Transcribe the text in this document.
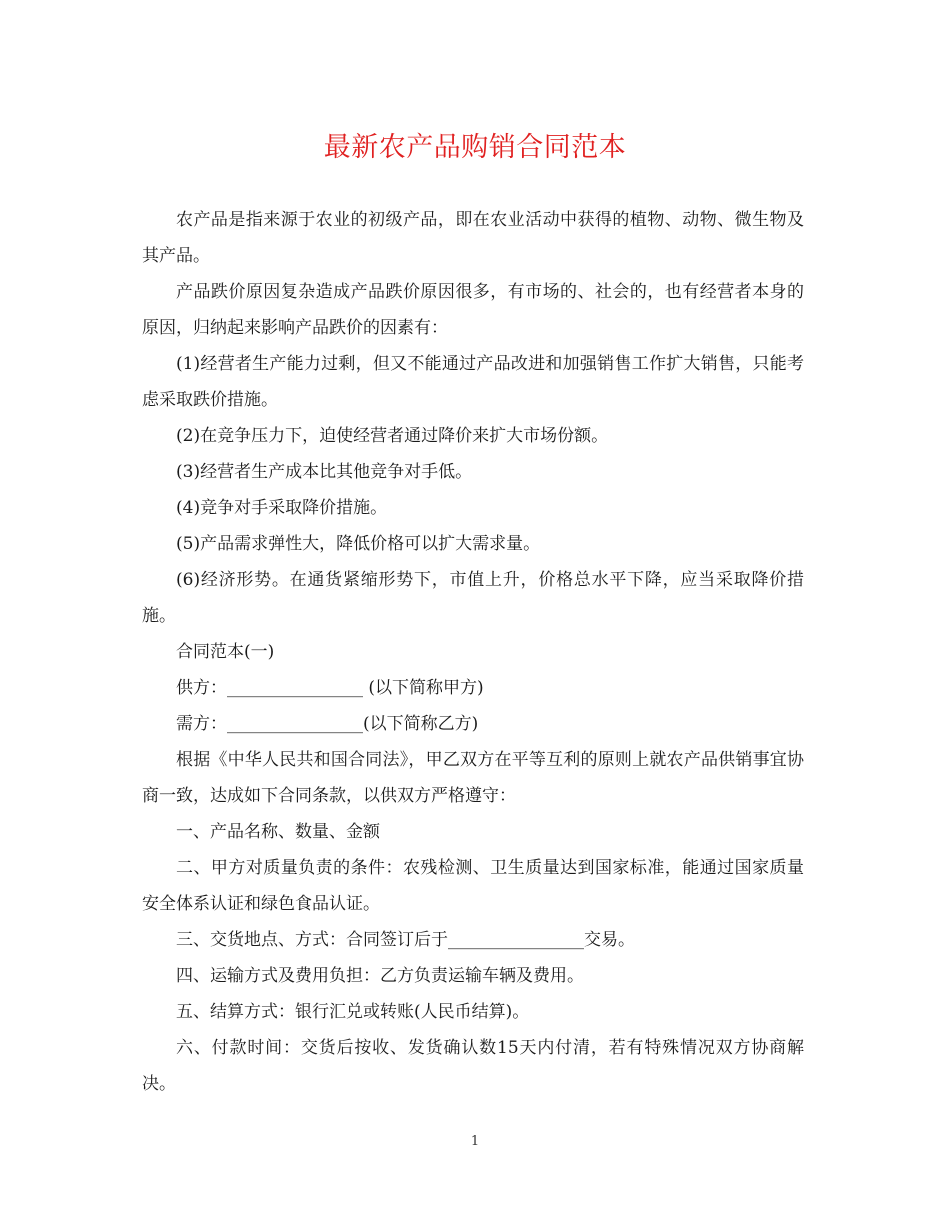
最新农产品购销合同范本

农产品是指来源于农业的初级产品，即在农业活动中获得的植物、动物、微生物及其产品。

产品跌价原因复杂造成产品跌价原因很多，有市场的、社会的，也有经营者本身的原因，归纳起来影响产品跌价的因素有：

(1)经营者生产能力过剩，但又不能通过产品改进和加强销售工作扩大销售，只能考虑采取跌价措施。

(2)在竞争压力下，迫使经营者通过降价来扩大市场份额。

(3)经营者生产成本比其他竞争对手低。

(4)竞争对手采取降价措施。

(5)产品需求弹性大，降低价格可以扩大需求量。

(6)经济形势。在通货紧缩形势下，市值上升，价格总水平下降，应当采取降价措施。

合同范本(一)

供方：________________ (以下简称甲方)

需方：________________(以下简称乙方)

根据《中华人民共和国合同法》，甲乙双方在平等互利的原则上就农产品供销事宜协商一致，达成如下合同条款，以供双方严格遵守：

一、产品名称、数量、金额

二、甲方对质量负责的条件：农残检测、卫生质量达到国家标准，能通过国家质量安全体系认证和绿色食品认证。

三、交货地点、方式：合同签订后于________________交易。

四、运输方式及费用负担：乙方负责运输车辆及费用。

五、结算方式：银行汇兑或转账(人民币结算)。

六、付款时间：交货后按收、发货确认数15天内付清，若有特殊情况双方协商解决。

1
